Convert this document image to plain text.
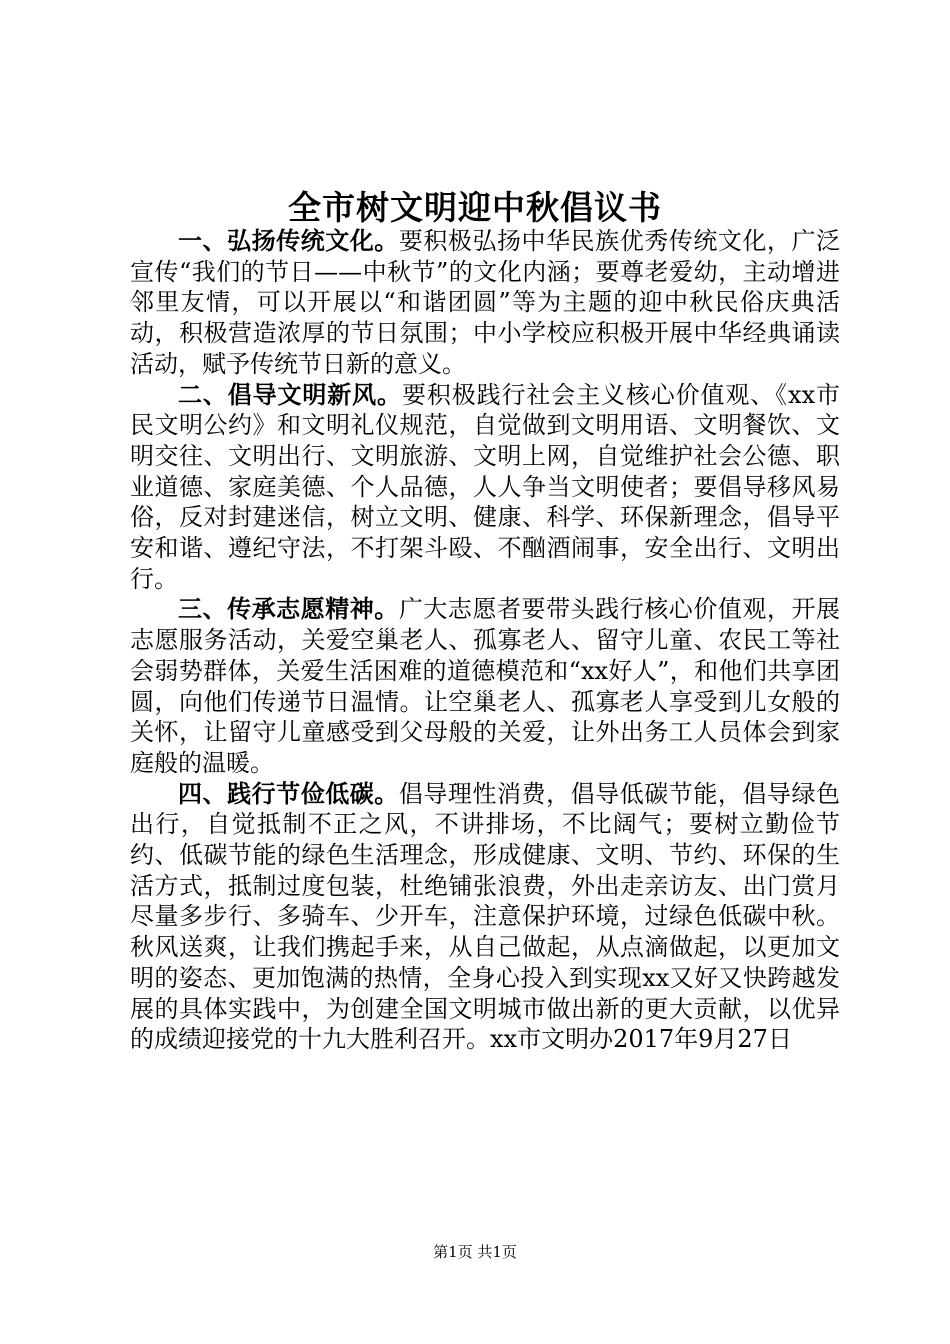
全市树文明迎中秋倡议书

一、弘扬传统文化。要积极弘扬中华民族优秀传统文化，广泛宣传“我们的节日——中秋节”的文化内涵；要尊老爱幼，主动增进邻里友情，可以开展以“和谐团圆”等为主题的迎中秋民俗庆典活动，积极营造浓厚的节日氛围；中小学校应积极开展中华经典诵读活动，赋予传统节日新的意义。

二、倡导文明新风。要积极践行社会主义核心价值观、《xx市民文明公约》和文明礼仪规范，自觉做到文明用语、文明餐饮、文明交往、文明出行、文明旅游、文明上网，自觉维护社会公德、职业道德、家庭美德、个人品德，人人争当文明使者；要倡导移风易俗，反对封建迷信，树立文明、健康、科学、环保新理念，倡导平安和谐、遵纪守法，不打架斗殴、不酗酒闹事，安全出行、文明出行。

三、传承志愿精神。广大志愿者要带头践行核心价值观，开展志愿服务活动，关爱空巢老人、孤寡老人、留守儿童、农民工等社会弱势群体，关爱生活困难的道德模范和“xx好人”，和他们共享团圆，向他们传递节日温情。让空巢老人、孤寡老人享受到儿女般的关怀，让留守儿童感受到父母般的关爱，让外出务工人员体会到家庭般的温暖。

四、践行节俭低碳。倡导理性消费，倡导低碳节能，倡导绿色出行，自觉抵制不正之风，不讲排场，不比阔气；要树立勤俭节约、低碳节能的绿色生活理念，形成健康、文明、节约、环保的生活方式，抵制过度包装，杜绝铺张浪费，外出走亲访友、出门赏月尽量多步行、多骑车、少开车，注意保护环境，过绿色低碳中秋。秋风送爽，让我们携起手来，从自己做起，从点滴做起，以更加文明的姿态、更加饱满的热情，全身心投入到实现xx又好又快跨越发展的具体实践中，为创建全国文明城市做出新的更大贡献，以优异的成绩迎接党的十九大胜利召开。xx市文明办2017年9月27日

第1页 共1页
